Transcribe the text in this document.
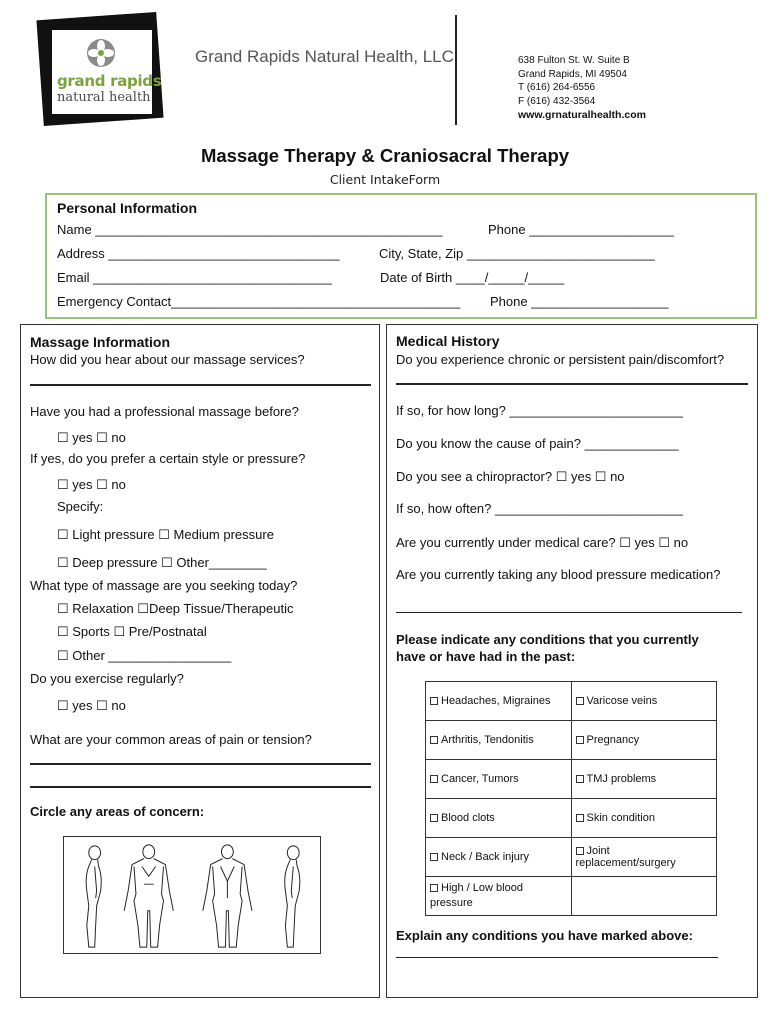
grand rapids
natural health
Grand Rapids Natural Health, LLC	638 Fulton St. W. Suite B
Grand Rapids, MI 49504
T (616) 264-6556
F (616) 432-3564
www.grnaturalhealth.com
Massage Therapy & Craniosacral Therapy
Client IntakeForm
Personal Information
Name ________________________________________________	Phone ____________________
Address ________________________________	City, State, Zip __________________________
Email _________________________________	Date of Birth ____/_____/_____
Emergency Contact________________________________________ Phone ___________________
Massage Information
How did you hear about our massage services?
Have you had a professional massage before?
☐ yes ☐ no
If yes, do you prefer a certain style or pressure?
☐ yes ☐ no
Specify:
☐ Light pressure ☐ Medium pressure
☐ Deep pressure ☐ Other________
What type of massage are you seeking today?
☐ Relaxation ☐Deep Tissue/Therapeutic
☐ Sports ☐ Pre/Postnatal
☐ Other _________________
Do you exercise regularly?
☐ yes ☐ no
What are your common areas of pain or tension?
Circle any areas of concern:
Medical History
Do you experience chronic or persistent pain/discomfort?
If so, for how long? ________________________
Do you know the cause of pain? _____________
Do you see a chiropractor? ☐ yes ☐ no
If so, how often? __________________________
Are you currently under medical care? ☐ yes ☐ no
Are you currently taking any blood pressure medication?
Please indicate any conditions that you currently
have or have had in the past:
Headaches, Migraines	Varicose veins
Arthritis, Tendonitis	Pregnancy
Cancer, Tumors	TMJ problems
Blood clots	Skin condition
Neck / Back injury	Joint replacement/surgery
High / Low blood pressure	
Explain any conditions you have marked above:
